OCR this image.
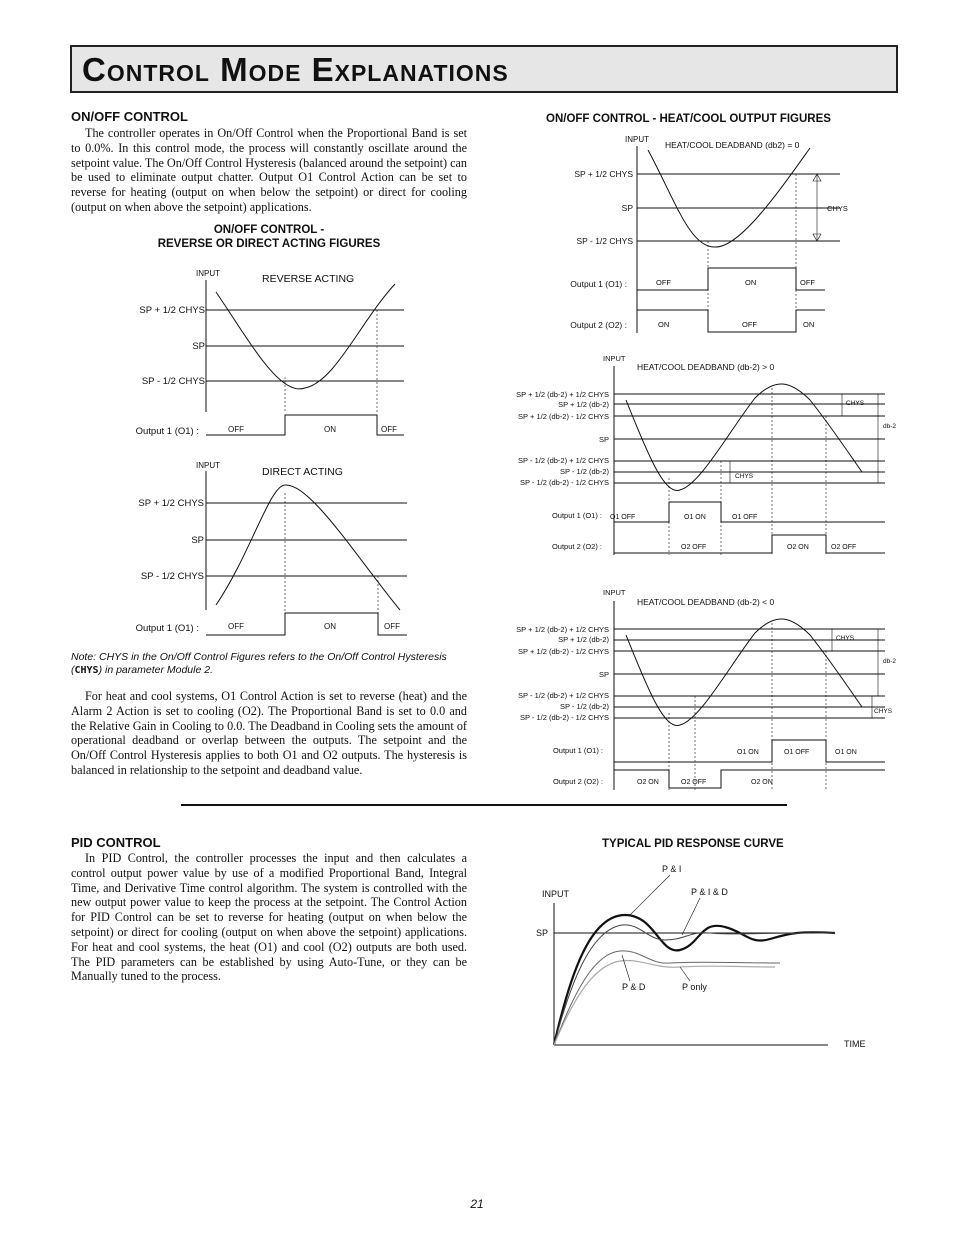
Control Mode Explanations
ON/OFF CONTROL
The controller operates in On/Off Control when the Proportional Band is set to 0.0%. In this control mode, the process will constantly oscillate around the setpoint value. The On/Off Control Hysteresis (balanced around the setpoint) can be used to eliminate output chatter. Output O1 Control Action can be set to reverse for heating (output on when below the setpoint) or direct for cooling (output on when above the setpoint) applications.
ON/OFF CONTROL -
REVERSE OR DIRECT ACTING FIGURES
INPUT	REVERSE ACTING
SP + 1/2 CHYS
SP
SP - 1/2 CHYS
Output 1 (O1) :	OFF	ON	OFF
INPUT
DIRECT ACTING
SP + 1/2 CHYS
SP
SP - 1/2 CHYS
Output 1 (O1) :	OFF	ON	OFF
Note: CHYS in the On/Off Control Figures refers to the On/Off Control Hysteresis (CHYS) in parameter Module 2.
For heat and cool systems, O1 Control Action is set to reverse (heat) and the Alarm 2 Action is set to cooling (O2). The Proportional Band is set to 0.0 and the Relative Gain in Cooling to 0.0. The Deadband in Cooling sets the amount of operational deadband or overlap between the outputs. The setpoint and the On/Off Control Hysteresis applies to both O1 and O2 outputs. The hysteresis is balanced in relationship to the setpoint and deadband value.
ON/OFF CONTROL - HEAT/COOL OUTPUT FIGURES
INPUT
HEAT/COOL DEADBAND (db2) = 0
SP + 1/2 CHYS
SP
SP - 1/2 CHYS
CHYS
Output 1 (O1) :	OFF	ON	OFF
Output 2 (O2) :	ON	OFF	ON
INPUT
HEAT/COOL DEADBAND (db-2) > 0
SP + 1/2 (db-2) + 1/2 CHYS
SP + 1/2 (db-2)
SP + 1/2 (db-2) - 1/2 CHYS
SP
SP - 1/2 (db-2) + 1/2 CHYS
SP - 1/2 (db-2)
SP - 1/2 (db-2) - 1/2 CHYS
CHYS
CHYS
db-2
Output 1 (O1) : O1 OFF	O1 ON	O1 OFF
Output 2 (O2) :	O2 OFF	O2 ON	O2 OFF
INPUT
HEAT/COOL DEADBAND (db-2) < 0
SP + 1/2 (db-2) + 1/2 CHYS
SP + 1/2 (db-2)
SP + 1/2 (db-2) - 1/2 CHYS
SP
SP - 1/2 (db-2) + 1/2 CHYS
SP - 1/2 (db-2)
SP - 1/2 (db-2) - 1/2 CHYS
CHYS
db-2
CHYS
Output 1 (O1) :	O1 ON	O1 OFF	O1 ON
Output 2 (O2) :	O2 ON	O2 OFF	O2 ON
PID CONTROL
In PID Control, the controller processes the input and then calculates a control output power value by use of a modified Proportional Band, Integral Time, and Derivative Time control algorithm. The system is controlled with the new output power value to keep the process at the setpoint. The Control Action for PID Control can be set to reverse for heating (output on when below the setpoint) or direct for cooling (output on when above the setpoint) applications. For heat and cool systems, the heat (O1) and cool (O2) outputs are both used. The PID parameters can be established by using Auto-Tune, or they can be Manually tuned to the process.
TYPICAL PID RESPONSE CURVE
INPUT
SP
TIME
P & I
P & I & D
P & D	P only
21
